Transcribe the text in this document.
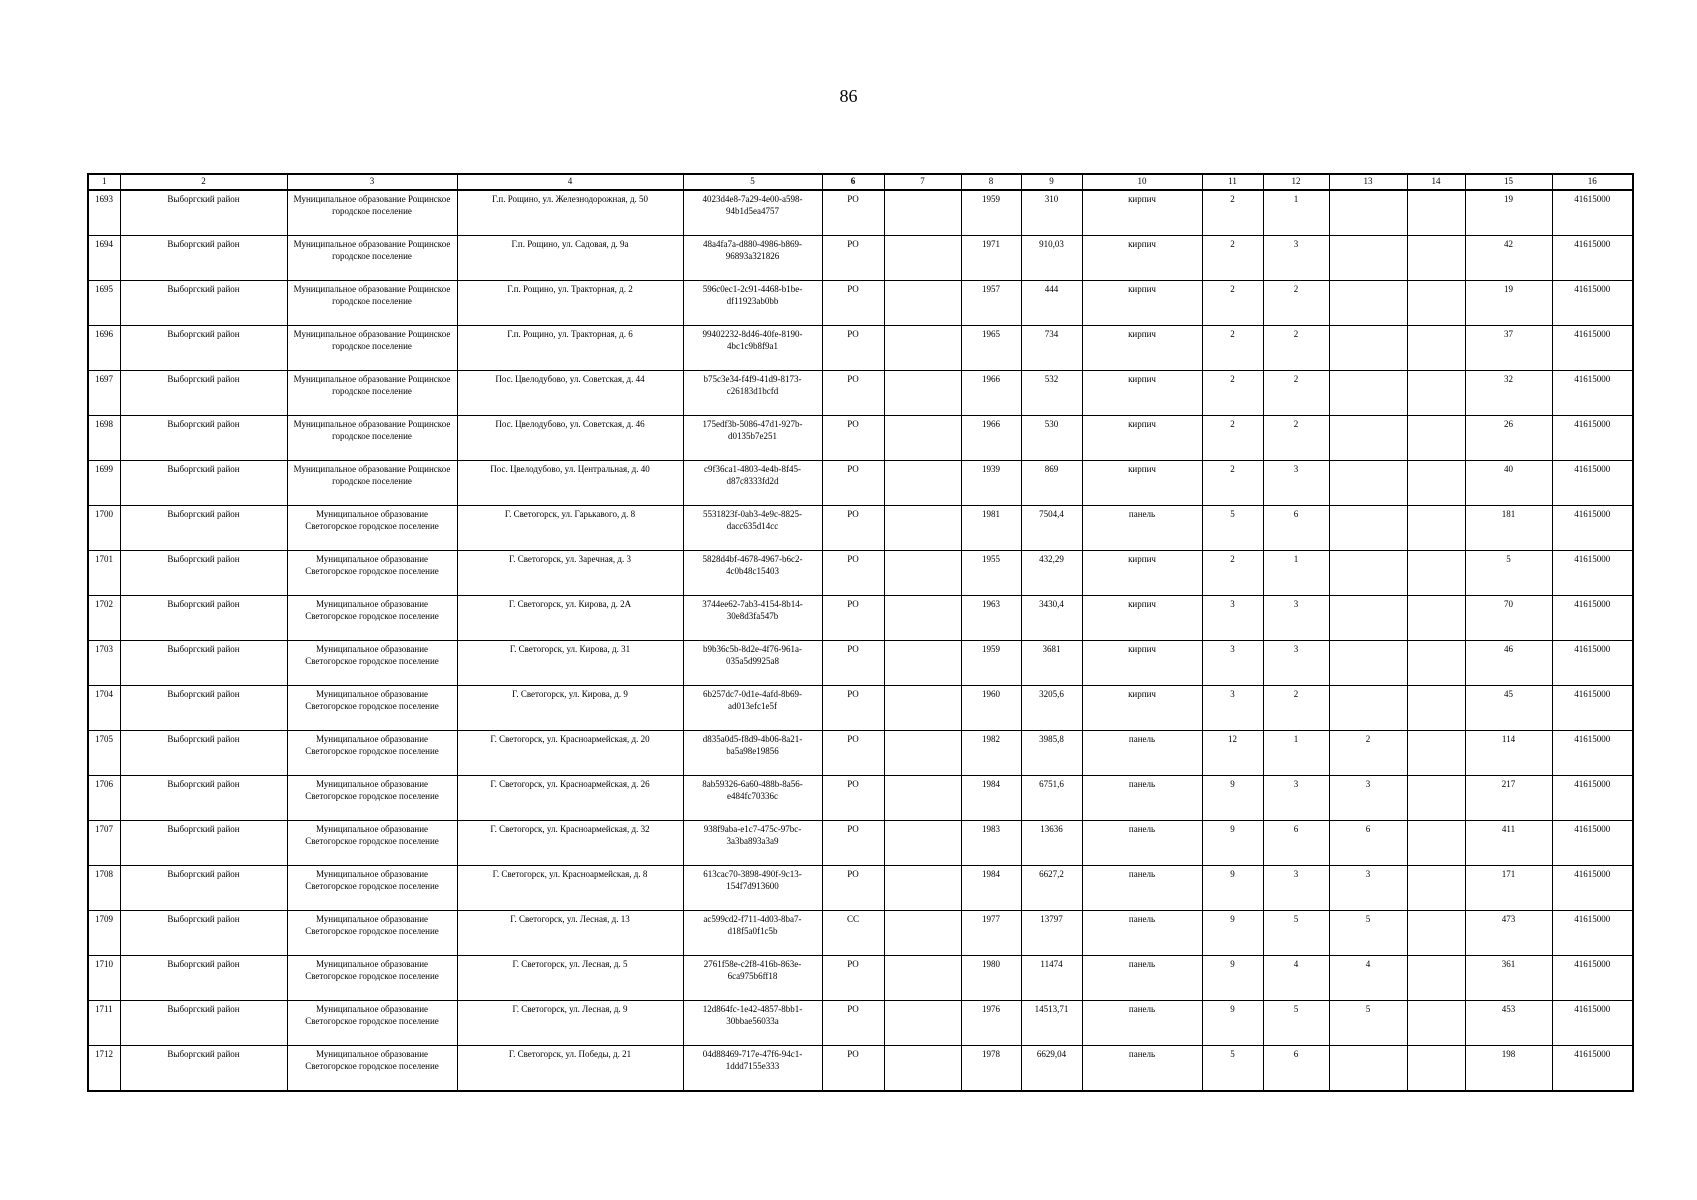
86
1	2	3	4	5	6	7	8	9	10	11	12	13	14	15	16
1693	Выборгский район	Муниципальное образование Рощинское городское поселение	Г.п. Рощино, ул. Железнодорожная, д. 50	4023d4e8-7a29-4e00-a598-94b1d5ea4757	РО		1959	310	кирпич	2	1			19	41615000
1694	Выборгский район	Муниципальное образование Рощинское городское поселение	Г.п. Рощино, ул. Садовая, д. 9а	48a4fa7a-d880-4986-b869-96893a321826	РО		1971	910,03	кирпич	2	3			42	41615000
1695	Выборгский район	Муниципальное образование Рощинское городское поселение	Г.п. Рощино, ул. Тракторная, д. 2	596c0ec1-2c91-4468-b1be-df11923ab0bb	РО		1957	444	кирпич	2	2			19	41615000
1696	Выборгский район	Муниципальное образование Рощинское городское поселение	Г.п. Рощино, ул. Тракторная, д. 6	99402232-8d46-40fe-8190-4bc1c9b8f9a1	РО		1965	734	кирпич	2	2			37	41615000
1697	Выборгский район	Муниципальное образование Рощинское городское поселение	Пос. Цвелодубово, ул. Советская, д. 44	b75c3e34-f4f9-41d9-8173-c26183d1bcfd	РО		1966	532	кирпич	2	2			32	41615000
1698	Выборгский район	Муниципальное образование Рощинское городское поселение	Пос. Цвелодубово, ул. Советская, д. 46	175edf3b-5086-47d1-927b-d0135b7e251	РО		1966	530	кирпич	2	2			26	41615000
1699	Выборгский район	Муниципальное образование Рощинское городское поселение	Пос. Цвелодубово, ул. Центральная, д. 40	c9f36ca1-4803-4e4b-8f45-d87c8333fd2d	РО		1939	869	кирпич	2	3			40	41615000
1700	Выборгский район	Муниципальное образование Светогорское городское поселение	Г. Светогорск, ул. Гарькавого, д. 8	5531823f-0ab3-4e9c-8825-dacc635d14cc	РО		1981	7504,4	панель	5	6			181	41615000
1701	Выборгский район	Муниципальное образование Светогорское городское поселение	Г. Светогорск, ул. Заречная, д. 3	5828d4bf-4678-4967-b6c2-4c0b48c15403	РО		1955	432,29	кирпич	2	1			5	41615000
1702	Выборгский район	Муниципальное образование Светогорское городское поселение	Г. Светогорск, ул. Кирова, д. 2А	3744ee62-7ab3-4154-8b14-30e8d3fa547b	РО		1963	3430,4	кирпич	3	3			70	41615000
1703	Выборгский район	Муниципальное образование Светогорское городское поселение	Г. Светогорск, ул. Кирова, д. 31	b9b36c5b-8d2e-4f76-961a-035a5d9925a8	РО		1959	3681	кирпич	3	3			46	41615000
1704	Выборгский район	Муниципальное образование Светогорское городское поселение	Г. Светогорск, ул. Кирова, д. 9	6b257dc7-0d1e-4afd-8b69-ad013efc1e5f	РО		1960	3205,6	кирпич	3	2			45	41615000
1705	Выборгский район	Муниципальное образование Светогорское городское поселение	Г. Светогорск, ул. Красноармейская, д. 20	d835a0d5-f8d9-4b06-8a21-ba5a98e19856	РО		1982	3985,8	панель	12	1	2		114	41615000
1706	Выборгский район	Муниципальное образование Светогорское городское поселение	Г. Светогорск, ул. Красноармейская, д. 26	8ab59326-6a60-488b-8a56-e484fc70336c	РО		1984	6751,6	панель	9	3	3		217	41615000
1707	Выборгский район	Муниципальное образование Светогорское городское поселение	Г. Светогорск, ул. Красноармейская, д. 32	938f9aba-e1c7-475c-97bc-3a3ba893a3a9	РО		1983	13636	панель	9	6	6		411	41615000
1708	Выборгский район	Муниципальное образование Светогорское городское поселение	Г. Светогорск, ул. Красноармейская, д. 8	613cac70-3898-490f-9c13-154f7d913600	РО		1984	6627,2	панель	9	3	3		171	41615000
1709	Выборгский район	Муниципальное образование Светогорское городское поселение	Г. Светогорск, ул. Лесная, д. 13	ac599cd2-f711-4d03-8ba7-d18f5a0f1c5b	СС		1977	13797	панель	9	5	5		473	41615000
1710	Выборгский район	Муниципальное образование Светогорское городское поселение	Г. Светогорск, ул. Лесная, д. 5	2761f58e-c2f8-416b-863e-6ca975b6ff18	РО		1980	11474	панель	9	4	4		361	41615000
1711	Выборгский район	Муниципальное образование Светогорское городское поселение	Г. Светогорск, ул. Лесная, д. 9	12d864fc-1e42-4857-8bb1-30bbae56033a	РО		1976	14513,71	панель	9	5	5		453	41615000
1712	Выборгский район	Муниципальное образование Светогорское городское поселение	Г. Светогорск, ул. Победы, д. 21	04d88469-717e-47f6-94c1-1ddd7155e333	РО		1978	6629,04	панель	5	6			198	41615000
